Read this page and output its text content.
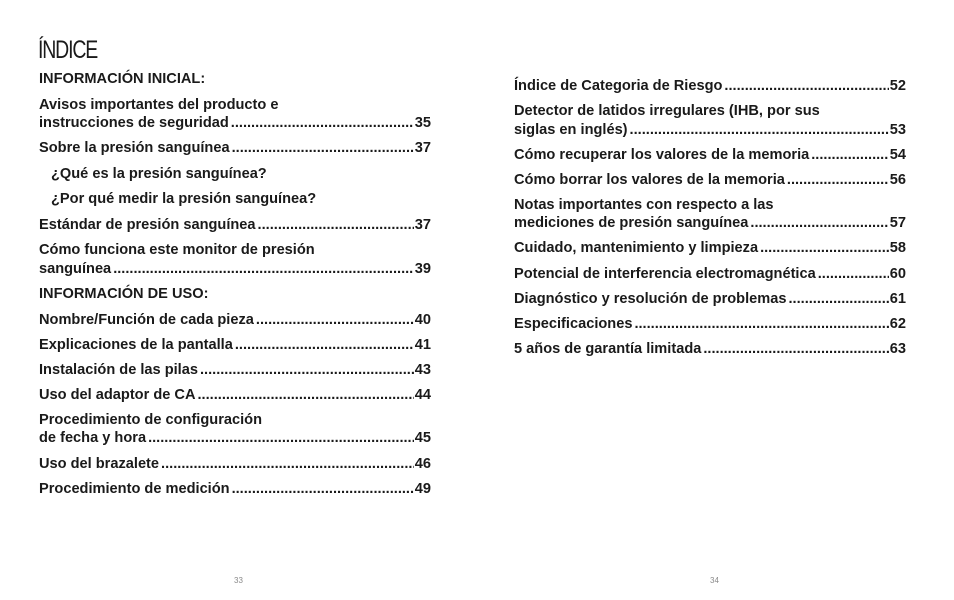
ÍNDICE
INFORMACIÓN INICIAL:
Avisos importantes del producto e
instrucciones de seguridad .....	35
Sobre la presión sanguínea .....	37
¿Qué es la presión sanguínea?
¿Por qué medir la presión sanguínea?
Estándar de presión sanguínea .....	37
Cómo funciona este monitor de presión
sanguínea .....	39
INFORMACIÓN DE USO:
Nombre/Función de cada pieza .....	40
Explicaciones de la pantalla .....	41
Instalación de las pilas .....	43
Uso del adaptor de CA .....	44
Procedimiento de configuración
de fecha y hora .....	45
Uso del brazalete .....	46
Procedimiento de medición .....	49
Índice de Categoria de Riesgo .....	52
Detector de latidos irregulares (IHB, por sus
siglas en inglés) .....	53
Cómo recuperar los valores de la memoria .....	54
Cómo borrar los valores de la memoria .....	56
Notas importantes con respecto a las
mediciones de presión sanguínea .....	57
Cuidado, mantenimiento y limpieza .....	58
Potencial de interferencia electromagnética .....	60
Diagnóstico y resolución de problemas .....	61
Especificaciones .....	62
5 años de garantía limitada .....	63
33	34
